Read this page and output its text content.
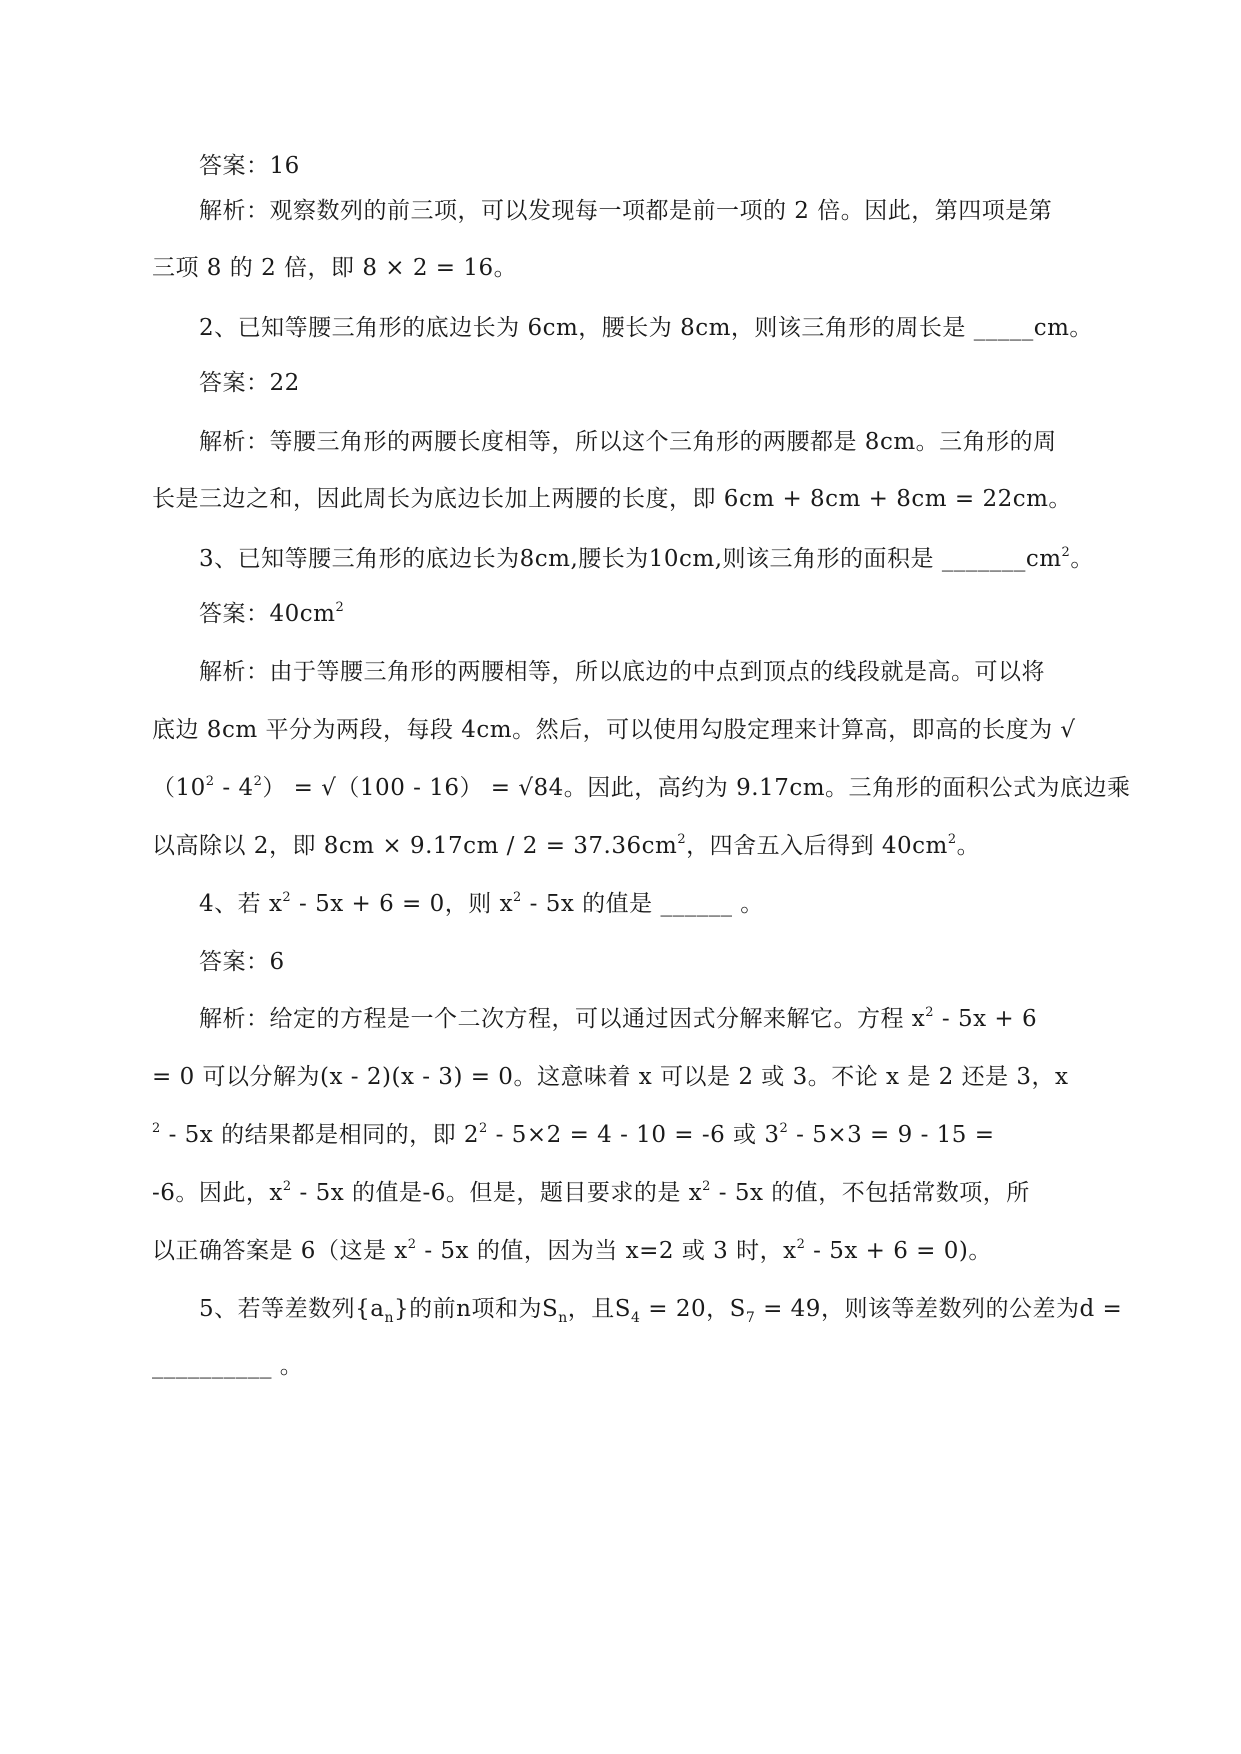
答案：16
解析：观察数列的前三项，可以发现每一项都是前一项的 2 倍。因此，第四项是第
三项 8 的 2 倍，即 8 × 2 = 16。
2、已知等腰三角形的底边长为 6cm，腰长为 8cm，则该三角形的周长是 _____cm。
答案：22
解析：等腰三角形的两腰长度相等，所以这个三角形的两腰都是 8cm。三角形的周
长是三边之和，因此周长为底边长加上两腰的长度，即 6cm + 8cm + 8cm = 22cm。
3、已知等腰三角形的底边长为8cm,腰长为10cm,则该三角形的面积是 $\_\_\_\_\_\_\_cm^2$。
答案：$40cm^2$
解析：由于等腰三角形的两腰相等，所以底边的中点到顶点的线段就是高。可以将
底边 8cm 平分为两段，每段 4cm。然后，可以使用勾股定理来计算高，即高的长度为 √
$(10^2 - 4^2) = √(100 - 16) = √84$。因此，高约为 9.17cm。三角形的面积公式为底边乘
以高除以 2，即 $8cm \times 9.17cm / 2 = 37.36cm^2$，四舍五入后得到 $40cm^2$。
4、若 $x^2 - 5x + 6 = 0$，则 $x^2 - 5x$ 的值是 ______ 。
答案：6
解析：给定的方程是一个二次方程，可以通过因式分解来解它。方程 $x^2 - 5x + 6$
= 0 可以分解为(x - 2)(x - 3) = 0。这意味着 x 可以是 2 或 3。不论 x 是 2 还是 3，x
$^2$ - 5x 的结果都是相同的，即 $2^2 - 5\times 2 = 4 - 10 = -6$ 或 $3^2 - 5\times 3 = 9 - 15$ =
-6。因此，$x^2 - 5x$ 的值是-6。但是，题目要求的是 $x^2 - 5x$ 的值，不包括常数项，所
以正确答案是 6（这是 $x^2 - 5x$ 的值，因为当 x=2 或 3 时，$x^2 - 5x + 6 = 0$)。
5、若等差数列$\{a_n\}$的前n项和为$S_n$，且$S_4 = 20$，$S_7 = 49$，则该等差数列的公差为d =
__________ 。
